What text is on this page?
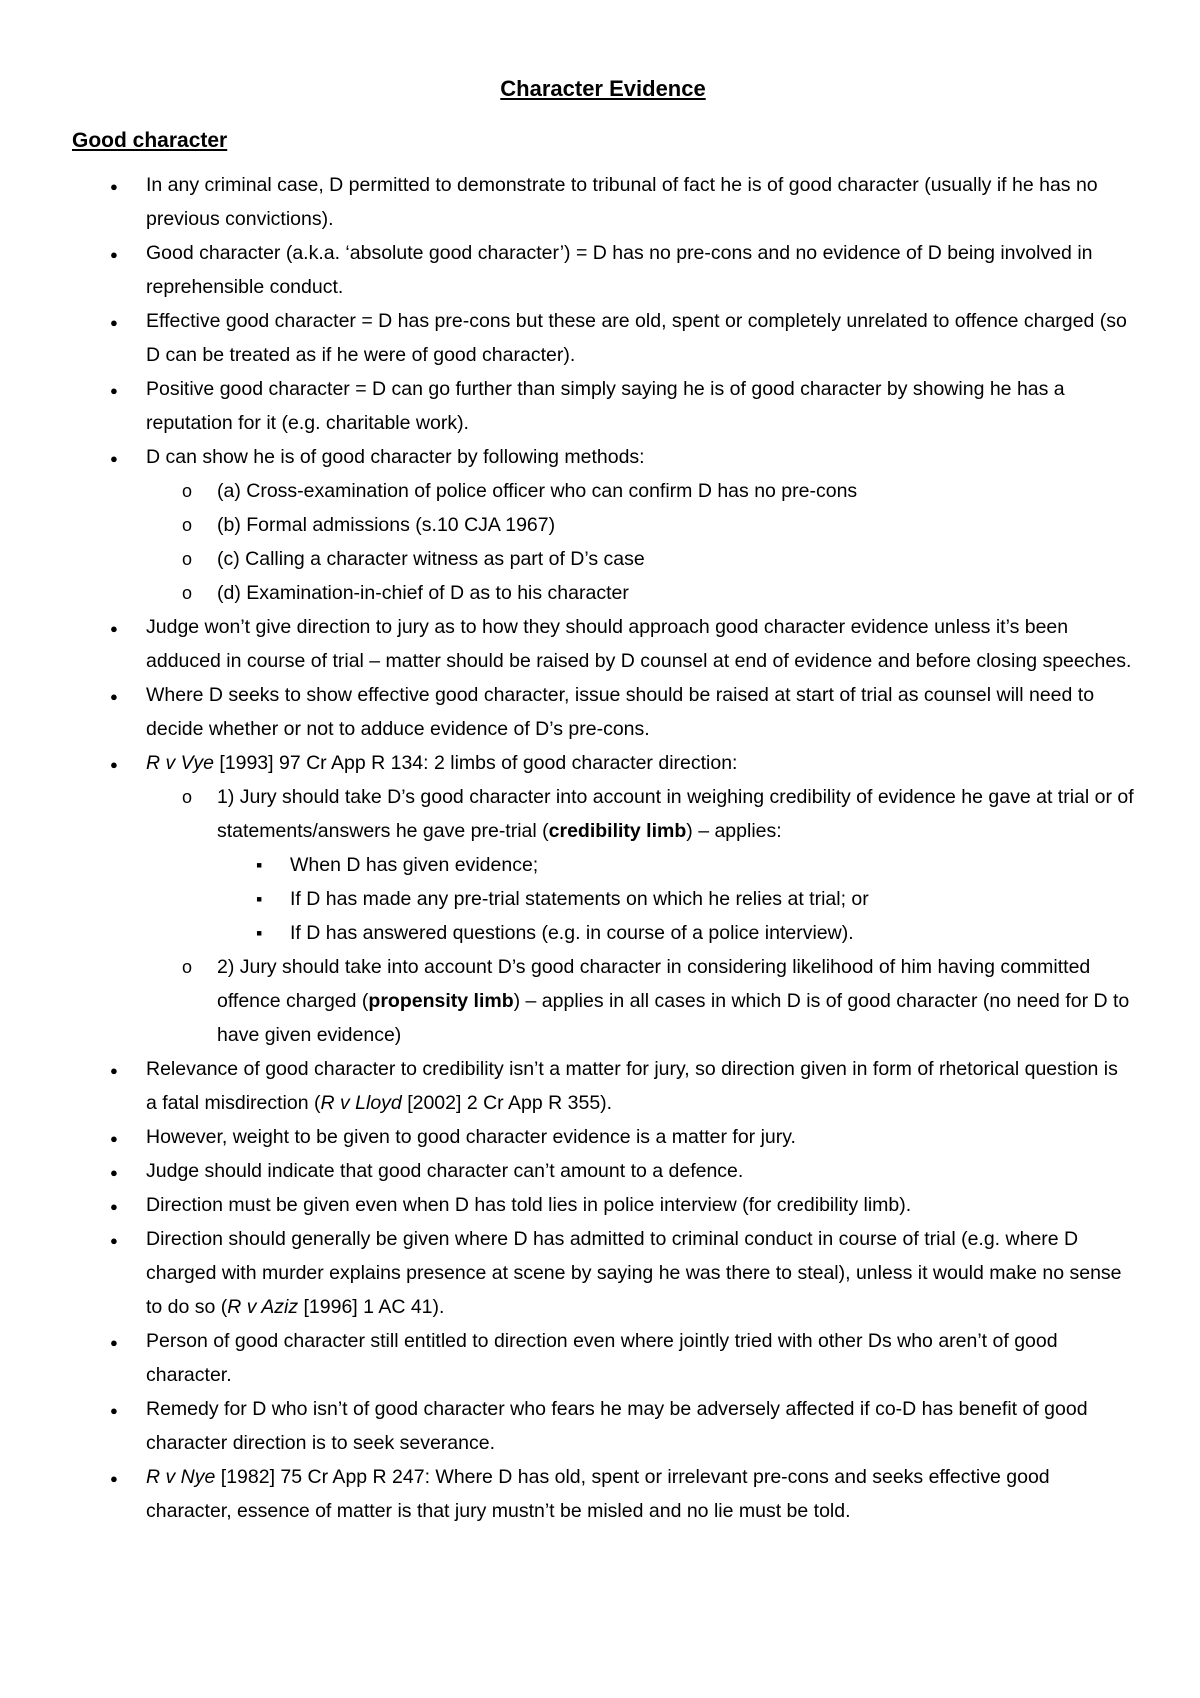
Character Evidence
Good character
●
In any criminal case, D permitted to demonstrate to tribunal of fact he is of good character (usually if he has no previous convictions).
●
Good character (a.k.a. ‘absolute good character’) = D has no pre-cons and no evidence of D being involved in reprehensible conduct.
●
Effective good character = D has pre-cons but these are old, spent or completely unrelated to offence charged (so D can be treated as if he were of good character).
●
Positive good character = D can go further than simply saying he is of good character by showing he has a reputation for it (e.g. charitable work).
●
D can show he is of good character by following methods:
o
(a) Cross-examination of police officer who can confirm D has no pre-cons
o
(b) Formal admissions (s.10 CJA 1967)
o
(c) Calling a character witness as part of D’s case
o
(d) Examination-in-chief of D as to his character
●
Judge won’t give direction to jury as to how they should approach good character evidence unless it’s been adduced in course of trial – matter should be raised by D counsel at end of evidence and before closing speeches.
●
Where D seeks to show effective good character, issue should be raised at start of trial as counsel will need to decide whether or not to adduce evidence of D’s pre-cons.
●
R v Vye [1993] 97 Cr App R 134: 2 limbs of good character direction:
o
1) Jury should take D’s good character into account in weighing credibility of evidence he gave at trial or of statements/answers he gave pre-trial (credibility limb) – applies:
▪
When D has given evidence;
▪
If D has made any pre-trial statements on which he relies at trial; or
▪
If D has answered questions (e.g. in course of a police interview).
o
2) Jury should take into account D’s good character in considering likelihood of him having committed offence charged (propensity limb) – applies in all cases in which D is of good character (no need for D to have given evidence)
●
Relevance of good character to credibility isn’t a matter for jury, so direction given in form of rhetorical question is a fatal misdirection (R v Lloyd [2002] 2 Cr App R 355).
●
However, weight to be given to good character evidence is a matter for jury.
●
Judge should indicate that good character can’t amount to a defence.
●
Direction must be given even when D has told lies in police interview (for credibility limb).
●
Direction should generally be given where D has admitted to criminal conduct in course of trial (e.g. where D charged with murder explains presence at scene by saying he was there to steal), unless it would make no sense to do so (R v Aziz [1996] 1 AC 41).
●
Person of good character still entitled to direction even where jointly tried with other Ds who aren’t of good character.
●
Remedy for D who isn’t of good character who fears he may be adversely affected if co-D has benefit of good character direction is to seek severance.
●
R v Nye [1982] 75 Cr App R 247: Where D has old, spent or irrelevant pre-cons and seeks effective good character, essence of matter is that jury mustn’t be misled and no lie must be told.
